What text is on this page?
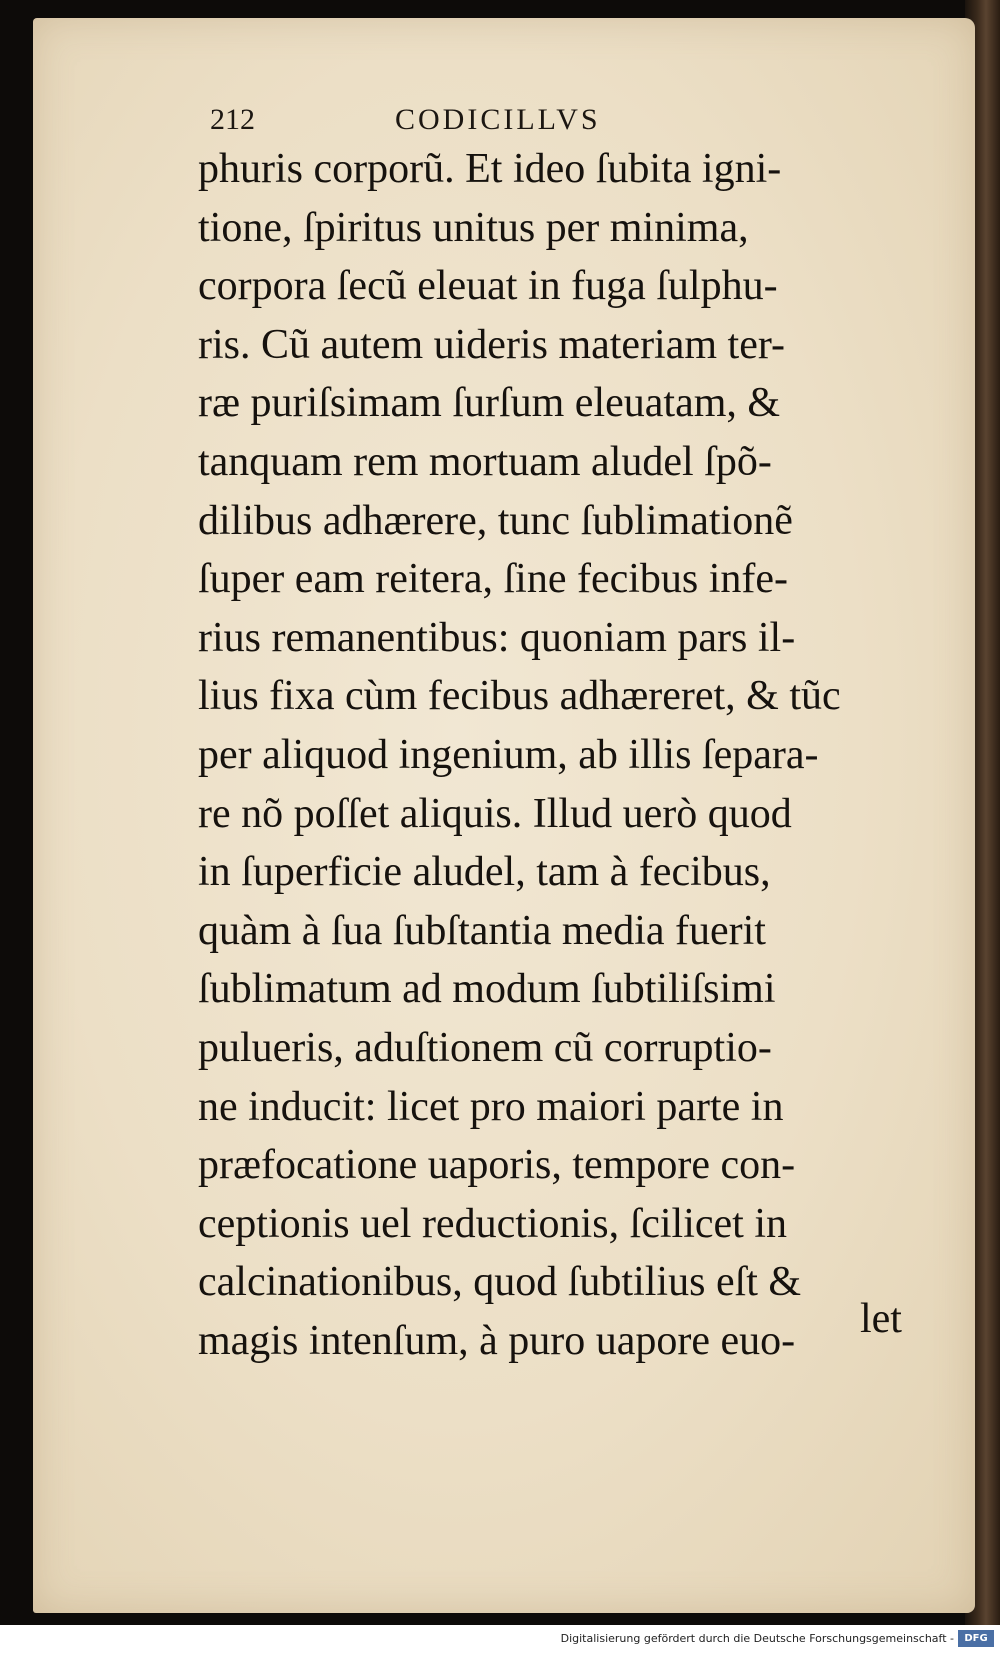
212	CODICILLVS
phuris corporũ. Et ideo ſubita igni-
tione, ſpiritus unitus per minima,
corpora ſecũ eleuat in fuga ſulphu-
ris. Cũ autem uideris materiam ter-
ræ puriſsimam ſurſum eleuatam, &
tanquam rem mortuam aludel ſpõ-
dilibus adhærere, tunc ſublimationẽ
ſuper eam reitera, ſine fecibus infe-
rius remanentibus: quoniam pars il-
lius fixa cùm fecibus adhæreret, & tũc
per aliquod ingenium, ab illis ſepara-
re nõ poſſet aliquis. Illud uerò quod
in ſuperficie aludel, tam à fecibus,
quàm à ſua ſubſtantia media fuerit
ſublimatum ad modum ſubtiliſsimi
pulueris, aduſtionem cũ corruptio-
ne inducit: licet pro maiori parte in
præfocatione uaporis, tempore con-
ceptionis uel reductionis, ſcilicet in
calcinationibus, quod ſubtilius eſt &
magis intenſum, à puro uapore euo-	let
Digitalisierung gefördert durch die Deutsche Forschungsgemeinschaft -	DFG
